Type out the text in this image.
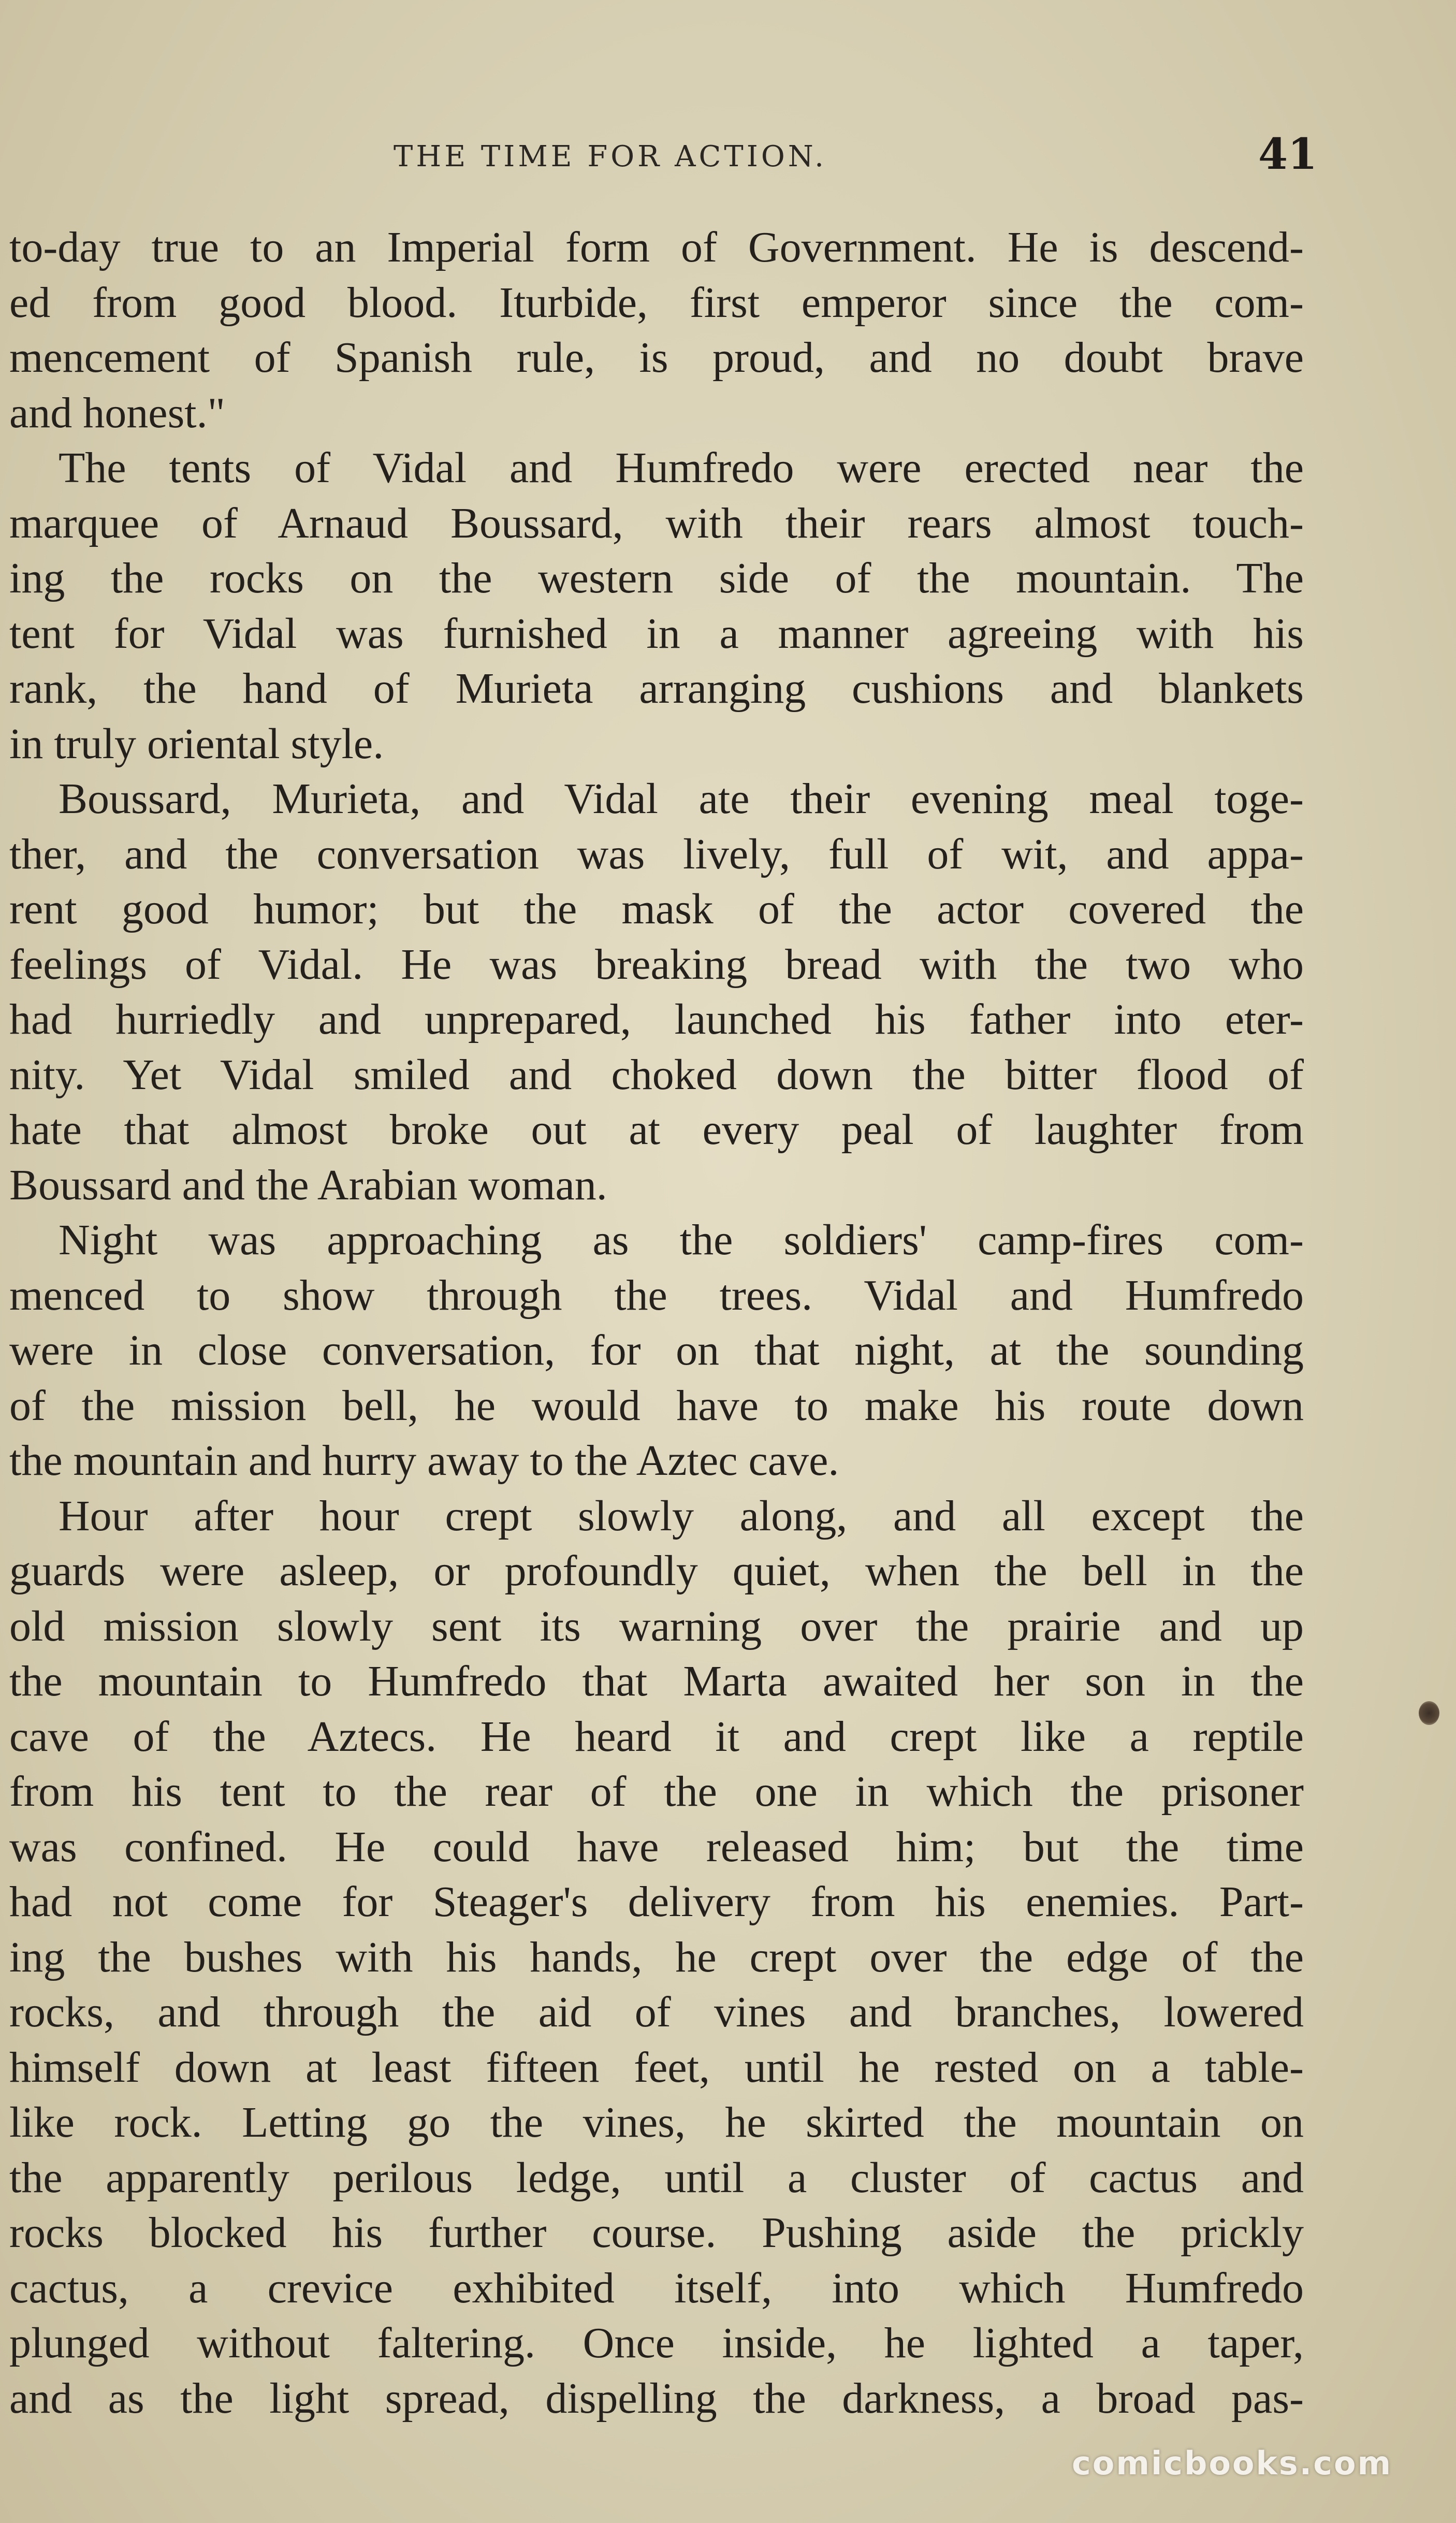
THE TIME FOR ACTION.	41
to-day true to an Imperial form of Government. He is descend-
ed from good blood. Iturbide, first emperor since the com-
mencement of Spanish rule, is proud, and no doubt brave
and honest."
The tents of Vidal and Humfredo were erected near the
marquee of Arnaud Boussard, with their rears almost touch-
ing the rocks on the western side of the mountain. The
tent for Vidal was furnished in a manner agreeing with his
rank, the hand of Murieta arranging cushions and blankets
in truly oriental style.
Boussard, Murieta, and Vidal ate their evening meal toge-
ther, and the conversation was lively, full of wit, and appa-
rent good humor; but the mask of the actor covered the
feelings of Vidal. He was breaking bread with the two who
had hurriedly and unprepared, launched his father into eter-
nity. Yet Vidal smiled and choked down the bitter flood of
hate that almost broke out at every peal of laughter from
Boussard and the Arabian woman.
Night was approaching as the soldiers' camp-fires com-
menced to show through the trees. Vidal and Humfredo
were in close conversation, for on that night, at the sounding
of the mission bell, he would have to make his route down
the mountain and hurry away to the Aztec cave.
Hour after hour crept slowly along, and all except the
guards were asleep, or profoundly quiet, when the bell in the
old mission slowly sent its warning over the prairie and up
the mountain to Humfredo that Marta awaited her son in the
cave of the Aztecs. He heard it and crept like a reptile
from his tent to the rear of the one in which the prisoner
was confined. He could have released him; but the time
had not come for Steager's delivery from his enemies. Part-
ing the bushes with his hands, he crept over the edge of the
rocks, and through the aid of vines and branches, lowered
himself down at least fifteen feet, until he rested on a table-
like rock. Letting go the vines, he skirted the mountain on
the apparently perilous ledge, until a cluster of cactus and
rocks blocked his further course. Pushing aside the prickly
cactus, a crevice exhibited itself, into which Humfredo
plunged without faltering. Once inside, he lighted a taper,
and as the light spread, dispelling the darkness, a broad pas-
comicbooks.com
